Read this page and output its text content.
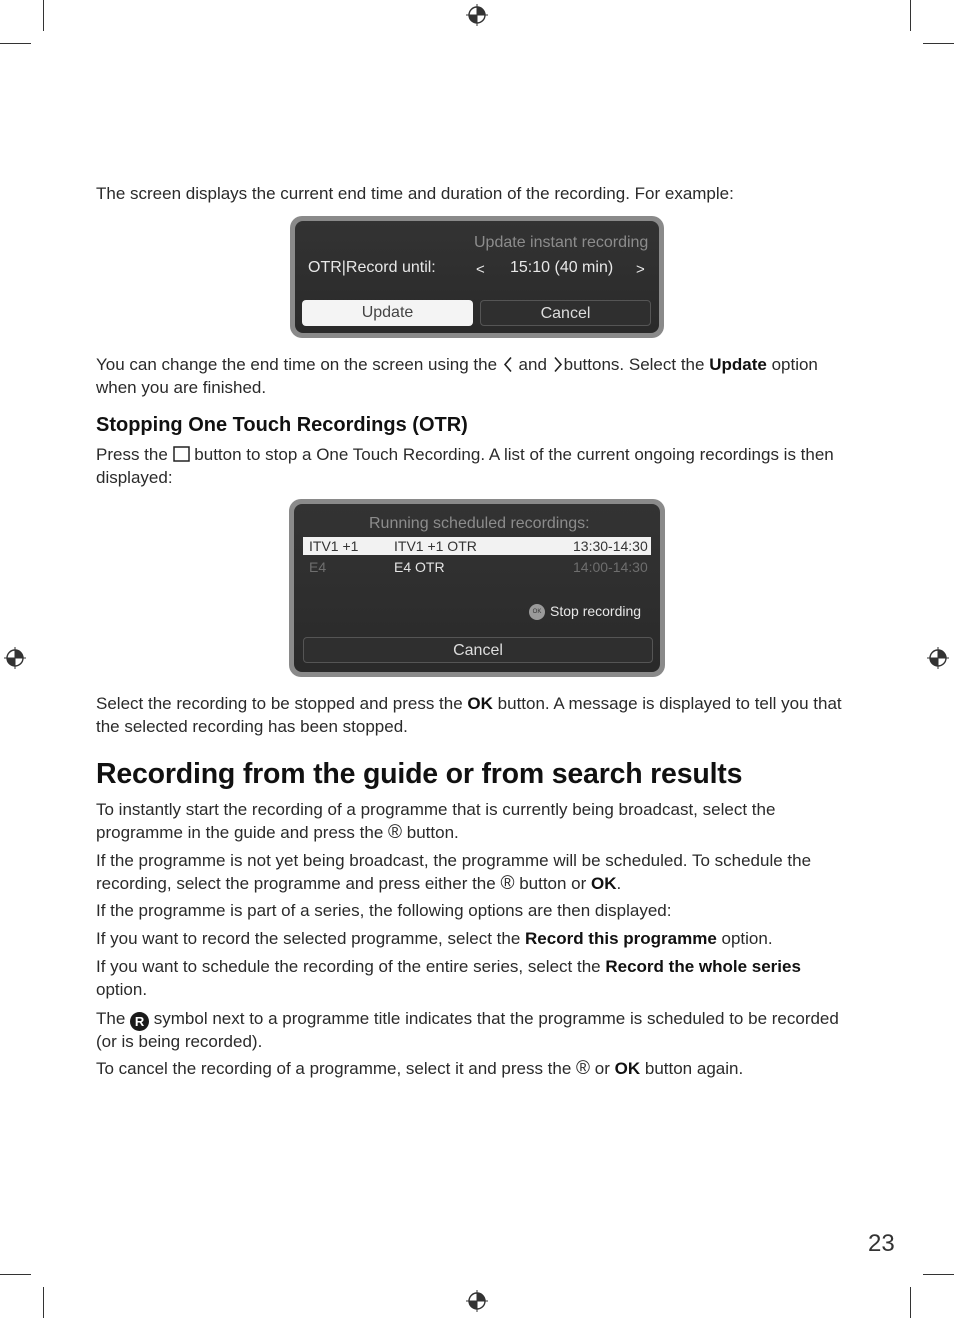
The screen displays the current end time and duration of the recording. For example:
Update instant recording
OTR|Record until:	< 15:10 (40 min) >
Update	Cancel
You can change the end time on the screen using the and buttons. Select the Update option when you are finished.
Stopping One Touch Recordings (OTR)
Press the button to stop a One Touch Recording. A list of the current ongoing recordings is then displayed:
Running scheduled recordings:
ITV1 +1	ITV1 +1 OTR	13:30-14:30
E4	E4 OTR	14:00-14:30
OK Stop recording
Cancel
Select the recording to be stopped and press the OK button. A message is displayed to tell you that the selected recording has been stopped.
Recording from the guide or from search results
To instantly start the recording of a programme that is currently being broadcast, select the programme in the guide and press the ® button.
If the programme is not yet being broadcast, the programme will be scheduled. To schedule the recording, select the programme and press either the ® button or OK.
If the programme is part of a series, the following options are then displayed:
If you want to record the selected programme, select the Record this programme option.
If you want to schedule the recording of the entire series, select the Record the whole series option.
The R symbol next to a programme title indicates that the programme is scheduled to be recorded (or is being recorded).
To cancel the recording of a programme, select it and press the ® or OK button again.
23
